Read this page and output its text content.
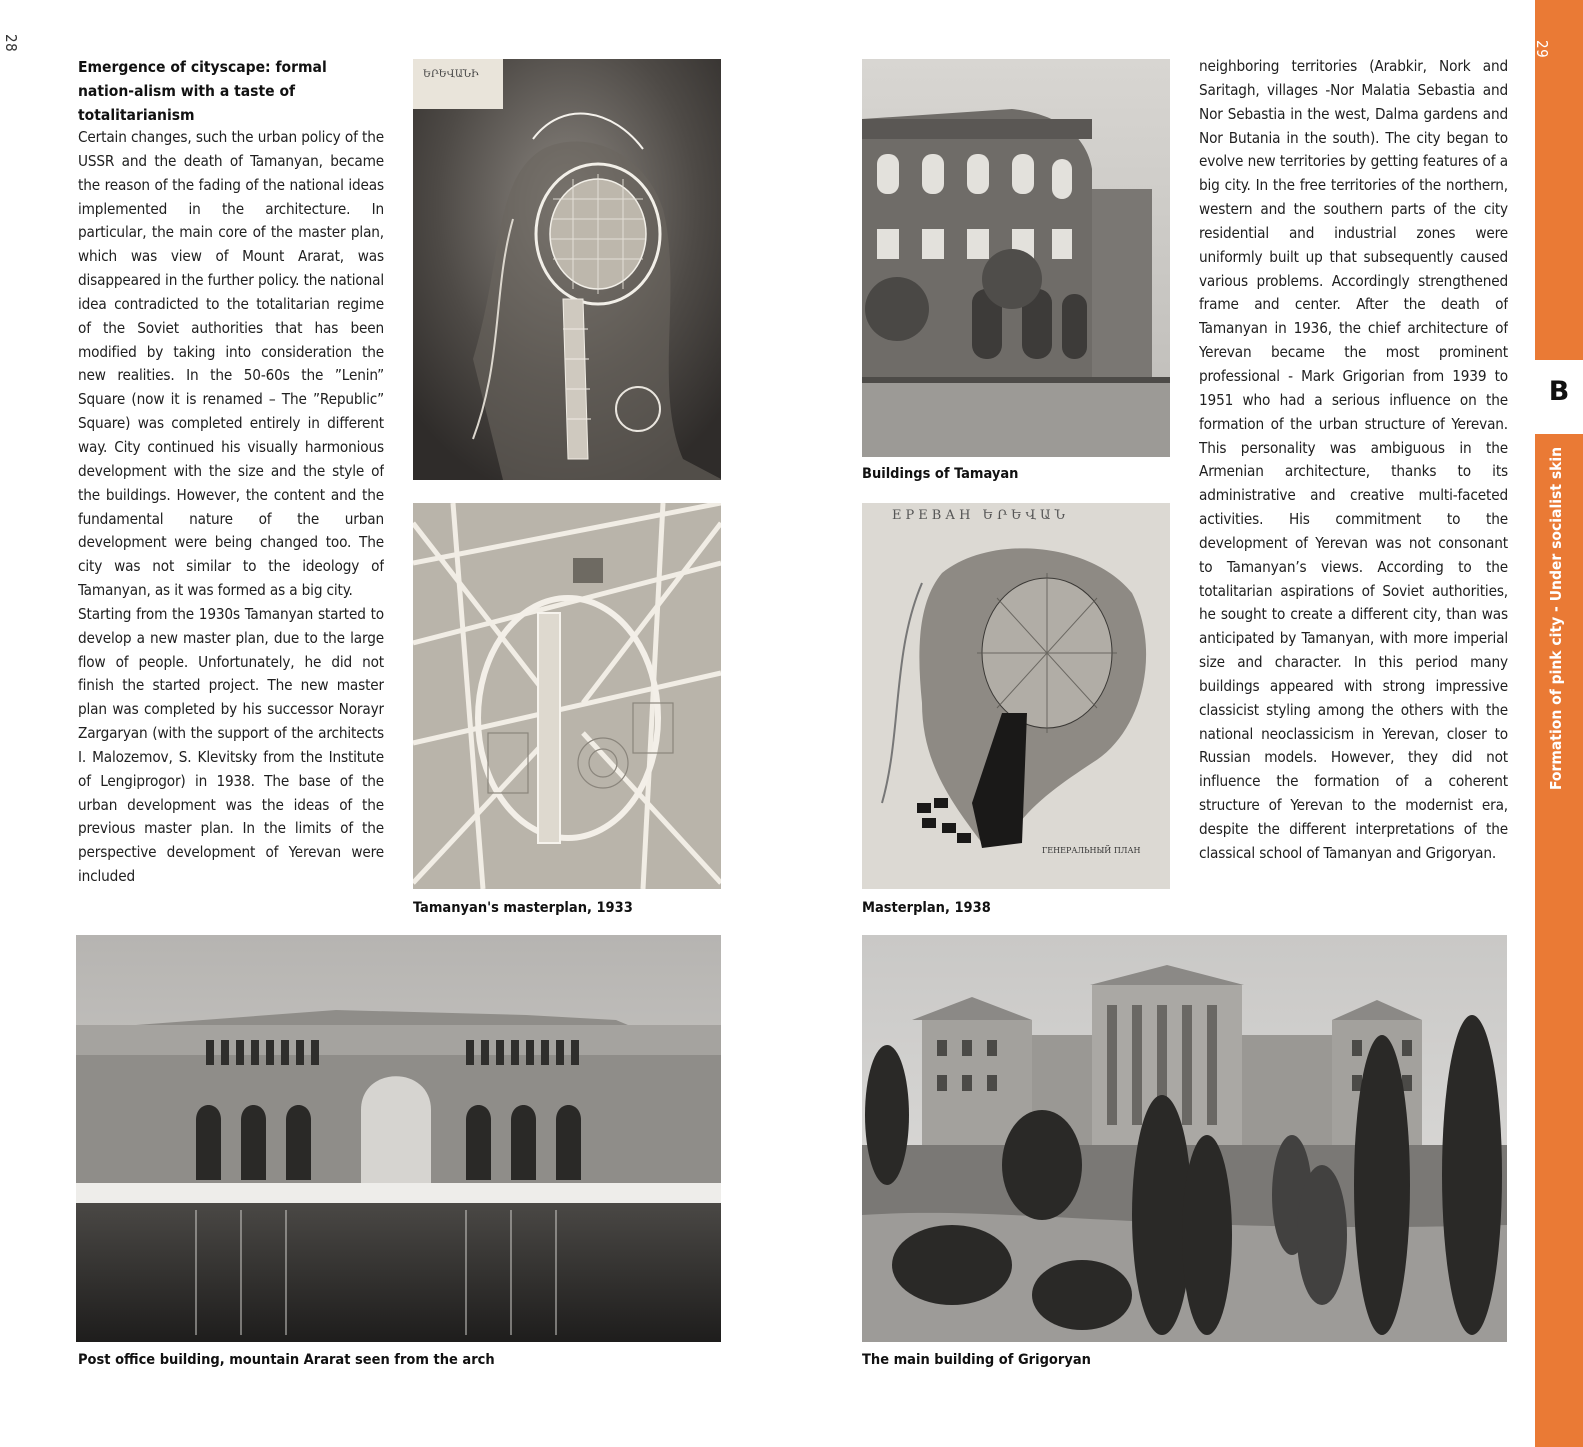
28
Emergence of cityscape: formal nation-alism with a taste of totalitarianism

Certain changes, such the urban policy of the USSR and the death of Tamanyan, became the reason of the fading of the national ideas implemented in the architecture. In particular, the main core of the master plan, which was view of Mount Ararat, was disappeared in the further policy. the national idea contradicted to the totalitarian regime of the Soviet authorities that has been modified by taking into consideration the new realities. In the 50-60s the ”Lenin” Square (now it is renamed – The ”Republic” Square) was completed entirely in different way. City continued his visually harmonious development with the size and the style of the buildings. However, the content and the fundamental nature of the urban development were being changed too. The city was not similar to the ideology of Tamanyan, as it was formed as a big city.

Starting from the 1930s Tamanyan started to develop a new master plan, due to the large flow of people. Unfortunately, he did not finish the started project. The new master plan was completed by his successor Norayr Zargaryan (with the support of the architects I. Malozemov, S. Klevitsky from the Institute of Lengiprogor) in 1938. The base of the urban development was the ideas of the previous master plan. In the limits of the perspective development of Yerevan were included

ԵՐԵՎԱՆԻ
Tamanyan's masterplan, 1933
Buildings of Tamayan
ЕРЕВАН ԵՐԵՎԱՆ
ГЕНЕРАЛЬНЫЙ ПЛАН
Masterplan, 1938

neighboring territories (Arabkir, Nork and Saritagh, villages -Nor Malatia Sebastia and Nor Sebastia in the west, Dalma gardens and Nor Butania in the south). The city began to evolve new territories by getting features of a big city. In the free territories of the northern, western and the southern parts of the city residential and industrial zones were uniformly built up that subsequently caused various problems. Accordingly strengthened frame and center. After the death of Tamanyan in 1936, the chief architecture of Yerevan became the most prominent professional - Mark Grigorian from 1939 to 1951 who had a serious influence on the formation of the urban structure of Yerevan. This personality was ambiguous in the Armenian architecture, thanks to its administrative and creative multi-faceted activities. His commitment to the development of Yerevan was not consonant to Tamanyan’s views. According to the totalitarian aspirations of Soviet authorities, he sought to create a different city, than was anticipated by Tamanyan, with more imperial size and character. In this period many buildings appeared with strong impressive classicist styling among the others with the national neoclassicism in Yerevan, closer to Russian models. However, they did not influence the formation of a coherent structure of Yerevan to the modernist era, despite the different interpretations of the classical school of Tamanyan and Grigoryan.

Post office building, mountain Ararat seen from the arch	The main building of Grigoryan
29
B
Formation of pink city - Under socialist skin
